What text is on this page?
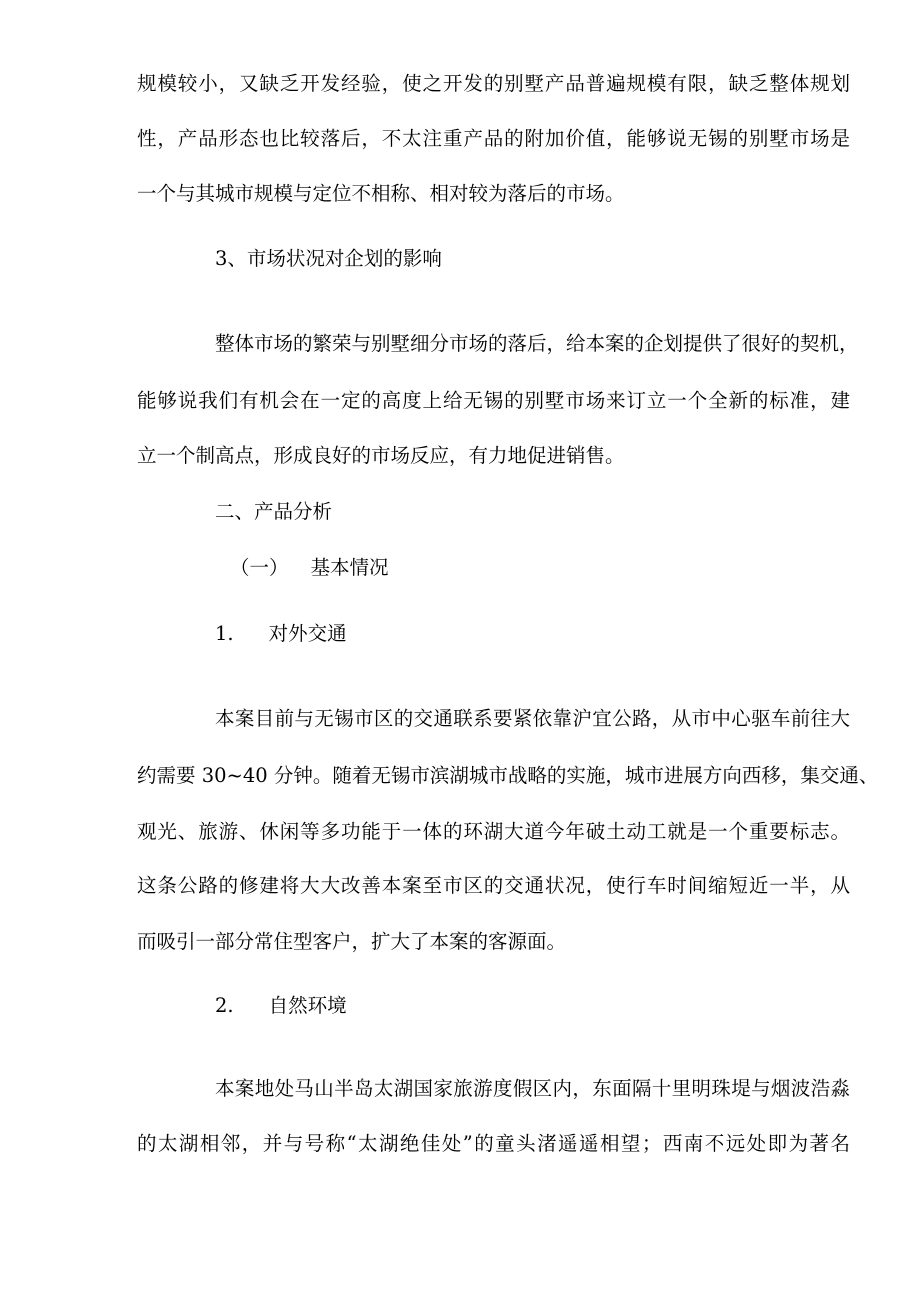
规模较小，又缺乏开发经验，使之开发的别墅产品普遍规模有限，缺乏整体规划
性，产品形态也比较落后，不太注重产品的附加价值，能够说无锡的别墅市场是
一个与其城市规模与定位不相称、相对较为落后的市场。
3、市场状况对企划的影响
整体市场的繁荣与别墅细分市场的落后，给本案的企划提供了很好的契机，
能够说我们有机会在一定的高度上给无锡的别墅市场来订立一个全新的标准，建
立一个制高点，形成良好的市场反应，有力地促进销售。
二、产品分析
（一） 基本情况
1. 对外交通
本案目前与无锡市区的交通联系要紧依靠沪宜公路，从市中心驱车前往大
约需要 30~40 分钟。随着无锡市滨湖城市战略的实施，城市进展方向西移，集交通、
观光、旅游、休闲等多功能于一体的环湖大道今年破土动工就是一个重要标志。
这条公路的修建将大大改善本案至市区的交通状况，使行车时间缩短近一半，从
而吸引一部分常住型客户，扩大了本案的客源面。
2. 自然环境
本案地处马山半岛太湖国家旅游度假区内，东面隔十里明珠堤与烟波浩淼
的太湖相邻，并与号称“太湖绝佳处”的童头渚遥遥相望；西南不远处即为著名
